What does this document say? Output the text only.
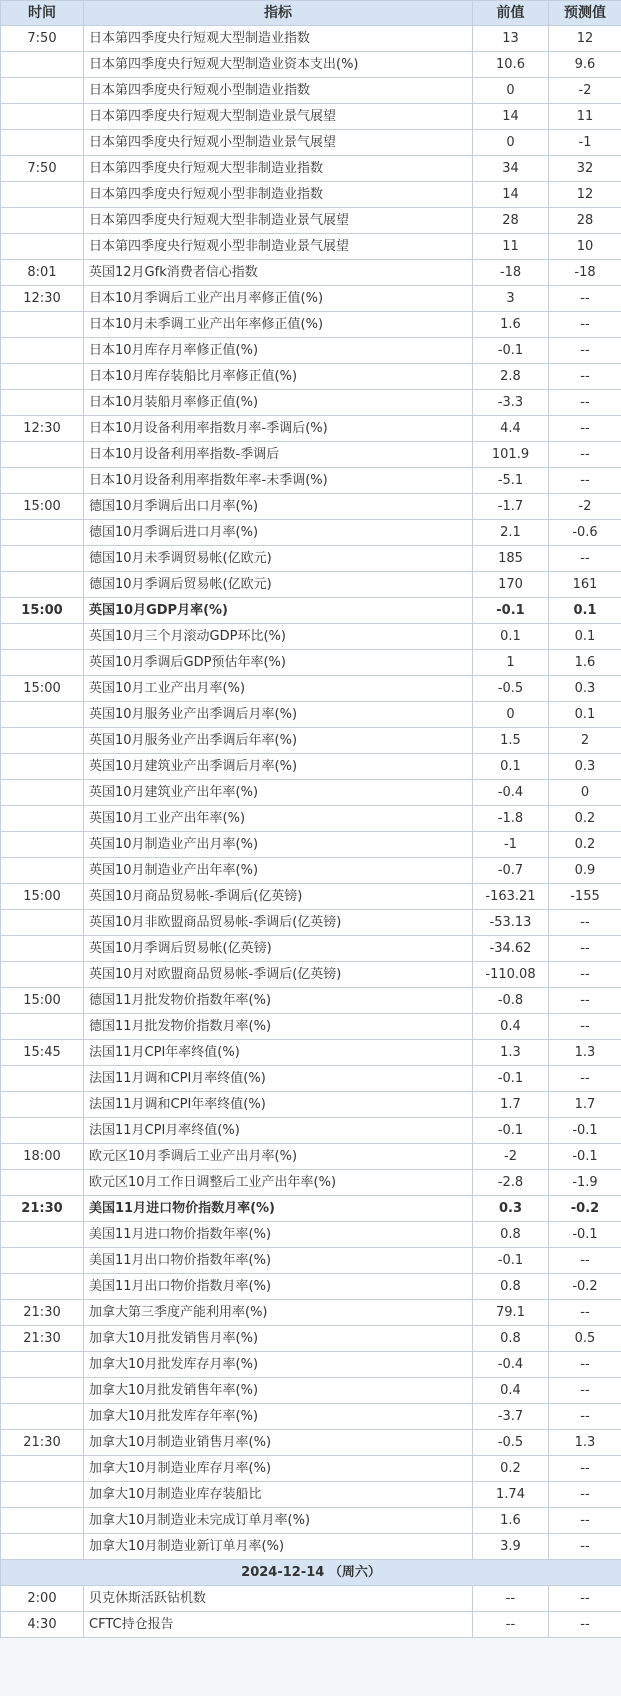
时间	指标	前值	预测值
7:50	日本第四季度央行短观大型制造业指数	13	12
	日本第四季度央行短观大型制造业资本支出(%)	10.6	9.6
	日本第四季度央行短观小型制造业指数	0	-2
	日本第四季度央行短观大型制造业景气展望	14	11
	日本第四季度央行短观小型制造业景气展望	0	-1
7:50	日本第四季度央行短观大型非制造业指数	34	32
	日本第四季度央行短观小型非制造业指数	14	12
	日本第四季度央行短观大型非制造业景气展望	28	28
	日本第四季度央行短观小型非制造业景气展望	11	10
8:01	英国12月Gfk消费者信心指数	-18	-18
12:30	日本10月季调后工业产出月率修正值(%)	3	--
	日本10月未季调工业产出年率修正值(%)	1.6	--
	日本10月库存月率修正值(%)	-0.1	--
	日本10月库存装船比月率修正值(%)	2.8	--
	日本10月装船月率修正值(%)	-3.3	--
12:30	日本10月设备利用率指数月率-季调后(%)	4.4	--
	日本10月设备利用率指数-季调后	101.9	--
	日本10月设备利用率指数年率-未季调(%)	-5.1	--
15:00	德国10月季调后出口月率(%)	-1.7	-2
	德国10月季调后进口月率(%)	2.1	-0.6
	德国10月未季调贸易帐(亿欧元)	185	--
	德国10月季调后贸易帐(亿欧元)	170	161
15:00	英国10月GDP月率(%)	-0.1	0.1
	英国10月三个月滚动GDP环比(%)	0.1	0.1
	英国10月季调后GDP预估年率(%)	1	1.6
15:00	英国10月工业产出月率(%)	-0.5	0.3
	英国10月服务业产出季调后月率(%)	0	0.1
	英国10月服务业产出季调后年率(%)	1.5	2
	英国10月建筑业产出季调后月率(%)	0.1	0.3
	英国10月建筑业产出年率(%)	-0.4	0
	英国10月工业产出年率(%)	-1.8	0.2
	英国10月制造业产出月率(%)	-1	0.2
	英国10月制造业产出年率(%)	-0.7	0.9
15:00	英国10月商品贸易帐-季调后(亿英镑)	-163.21	-155
	英国10月非欧盟商品贸易帐-季调后(亿英镑)	-53.13	--
	英国10月季调后贸易帐(亿英镑)	-34.62	--
	英国10月对欧盟商品贸易帐-季调后(亿英镑)	-110.08	--
15:00	德国11月批发物价指数年率(%)	-0.8	--
	德国11月批发物价指数月率(%)	0.4	--
15:45	法国11月CPI年率终值(%)	1.3	1.3
	法国11月调和CPI月率终值(%)	-0.1	--
	法国11月调和CPI年率终值(%)	1.7	1.7
	法国11月CPI月率终值(%)	-0.1	-0.1
18:00	欧元区10月季调后工业产出月率(%)	-2	-0.1
	欧元区10月工作日调整后工业产出年率(%)	-2.8	-1.9
21:30	美国11月进口物价指数月率(%)	0.3	-0.2
	美国11月进口物价指数年率(%)	0.8	-0.1
	美国11月出口物价指数年率(%)	-0.1	--
	美国11月出口物价指数月率(%)	0.8	-0.2
21:30	加拿大第三季度产能利用率(%)	79.1	--
21:30	加拿大10月批发销售月率(%)	0.8	0.5
	加拿大10月批发库存月率(%)	-0.4	--
	加拿大10月批发销售年率(%)	0.4	--
	加拿大10月批发库存年率(%)	-3.7	--
21:30	加拿大10月制造业销售月率(%)	-0.5	1.3
	加拿大10月制造业库存月率(%)	0.2	--
	加拿大10月制造业库存装船比	1.74	--
	加拿大10月制造业未完成订单月率(%)	1.6	--
	加拿大10月制造业新订单月率(%)	3.9	--
2024-12-14 （周六）			
2:00	贝克休斯活跃钻机数	--	--
4:30	CFTC持仓报告	--	--
